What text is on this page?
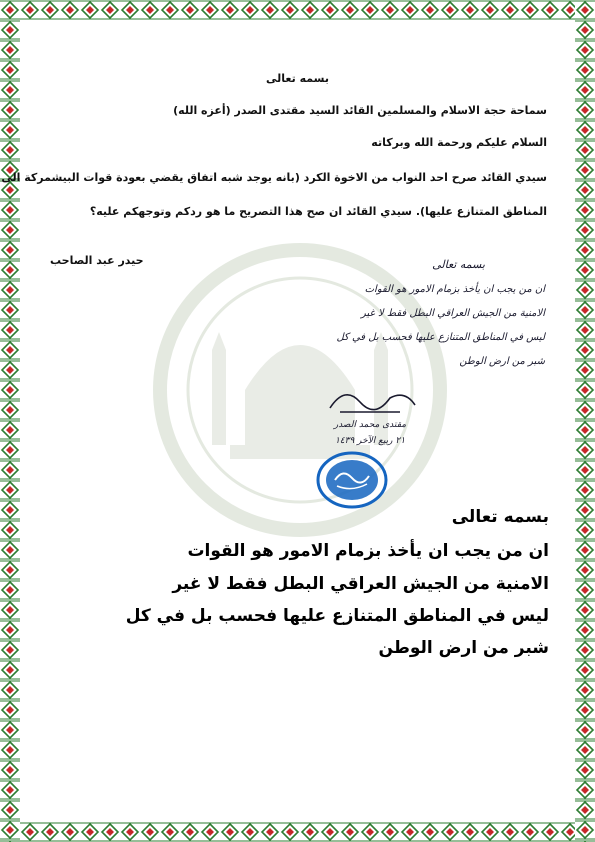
بسمه تعالى
سماحة حجة الاسلام والمسلمين القائد السيد مقتدى الصدر (أعزه الله)
السلام عليكم ورحمة الله وبركاته
سيدي القائد صرح احد النواب من الاخوة الكرد (بانه يوجد شبه اتفاق يقضي بعودة قوات البيشمركة الى
المناطق المتنازع عليها). سيدي القائد ان صح هذا التصريح ما هو ردكم وتوجهكم عليه؟
حيدر عبد الصاحب	بسمه تعالى
ان من يجب ان يأخذ بزمام الامور هو القوات
الامنية من الجيش العراقي البطل فقط لا غير
ليس في المناطق المتنازع عليها فحسب بل في كل
شبر من ارض الوطن
مقتدى محمد الصدر
٢١ ربيع الآخر ١٤٣٩
بسمه تعالى
ان من يجب ان يأخذ بزمام الامور هو القوات
الامنية من الجيش العراقي البطل فقط لا غير
ليس في المناطق المتنازع عليها فحسب بل في كل
شبر من ارض الوطن
